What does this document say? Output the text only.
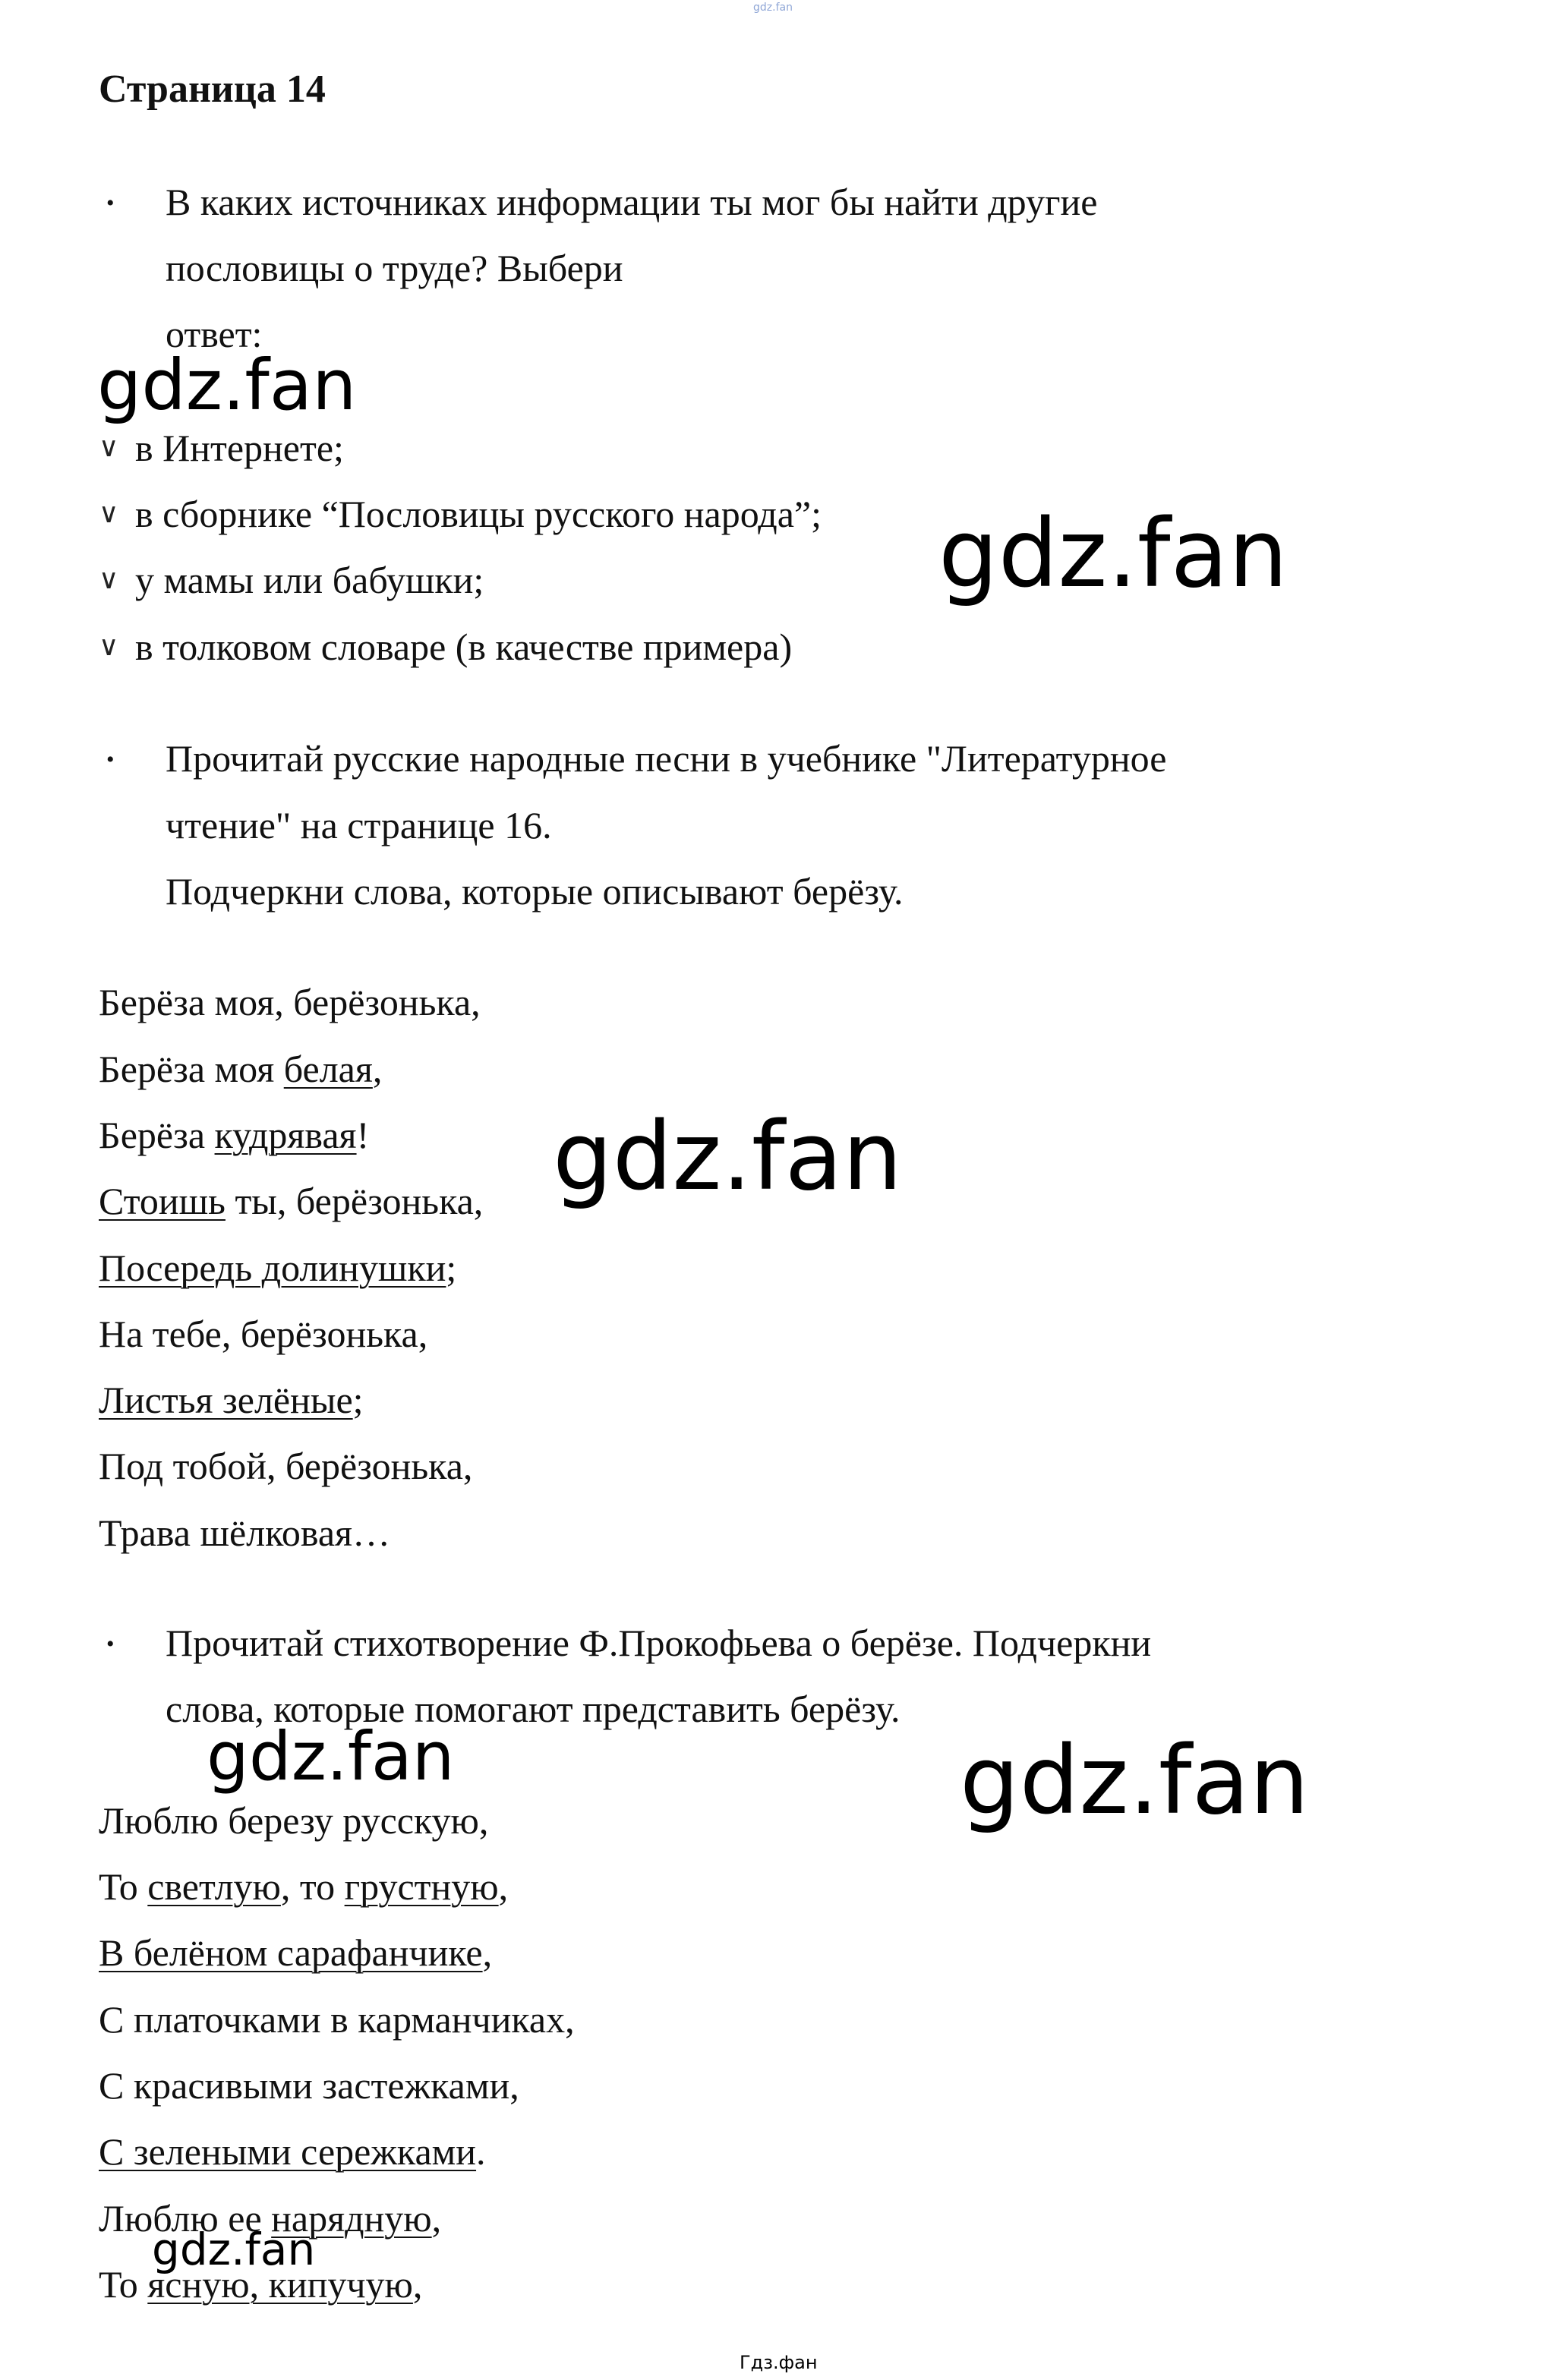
gdz.fan
Страница 14
• В каких источниках информации ты мог бы найти другие
пословицы о труде? Выбери
ответ:
∨ в Интернете;
∨ в сборнике “Пословицы русского народа”;
∨ у мамы или бабушки;
∨ в толковом словаре (в качестве примера)
• Прочитай русские народные песни в учебнике "Литературное
чтение" на странице 16.
Подчеркни слова, которые описывают берёзу.
Берёза моя, берёзонька,
Берёза моя белая,
Берёза кудрявая!
Стоишь ты, берёзонька,
Посередь долинушки;
На тебе, берёзонька,
Листья зелёные;
Под тобой, берёзонька,
Трава шёлковая…
• Прочитай стихотворение Ф.Прокофьева о берёзе. Подчеркни
слова, которые помогают представить берёзу.
Люблю березу русскую,
То светлую, то грустную,
В белёном сарафанчике,
С платочками в карманчиках,
С красивыми застежками,
С зелеными сережками.
Люблю ее нарядную,
То ясную, кипучую,
gdz.fan
gdz.fan
gdz.fan
gdz.fan	gdz.fan
gdz.fan
Гдз.фан
